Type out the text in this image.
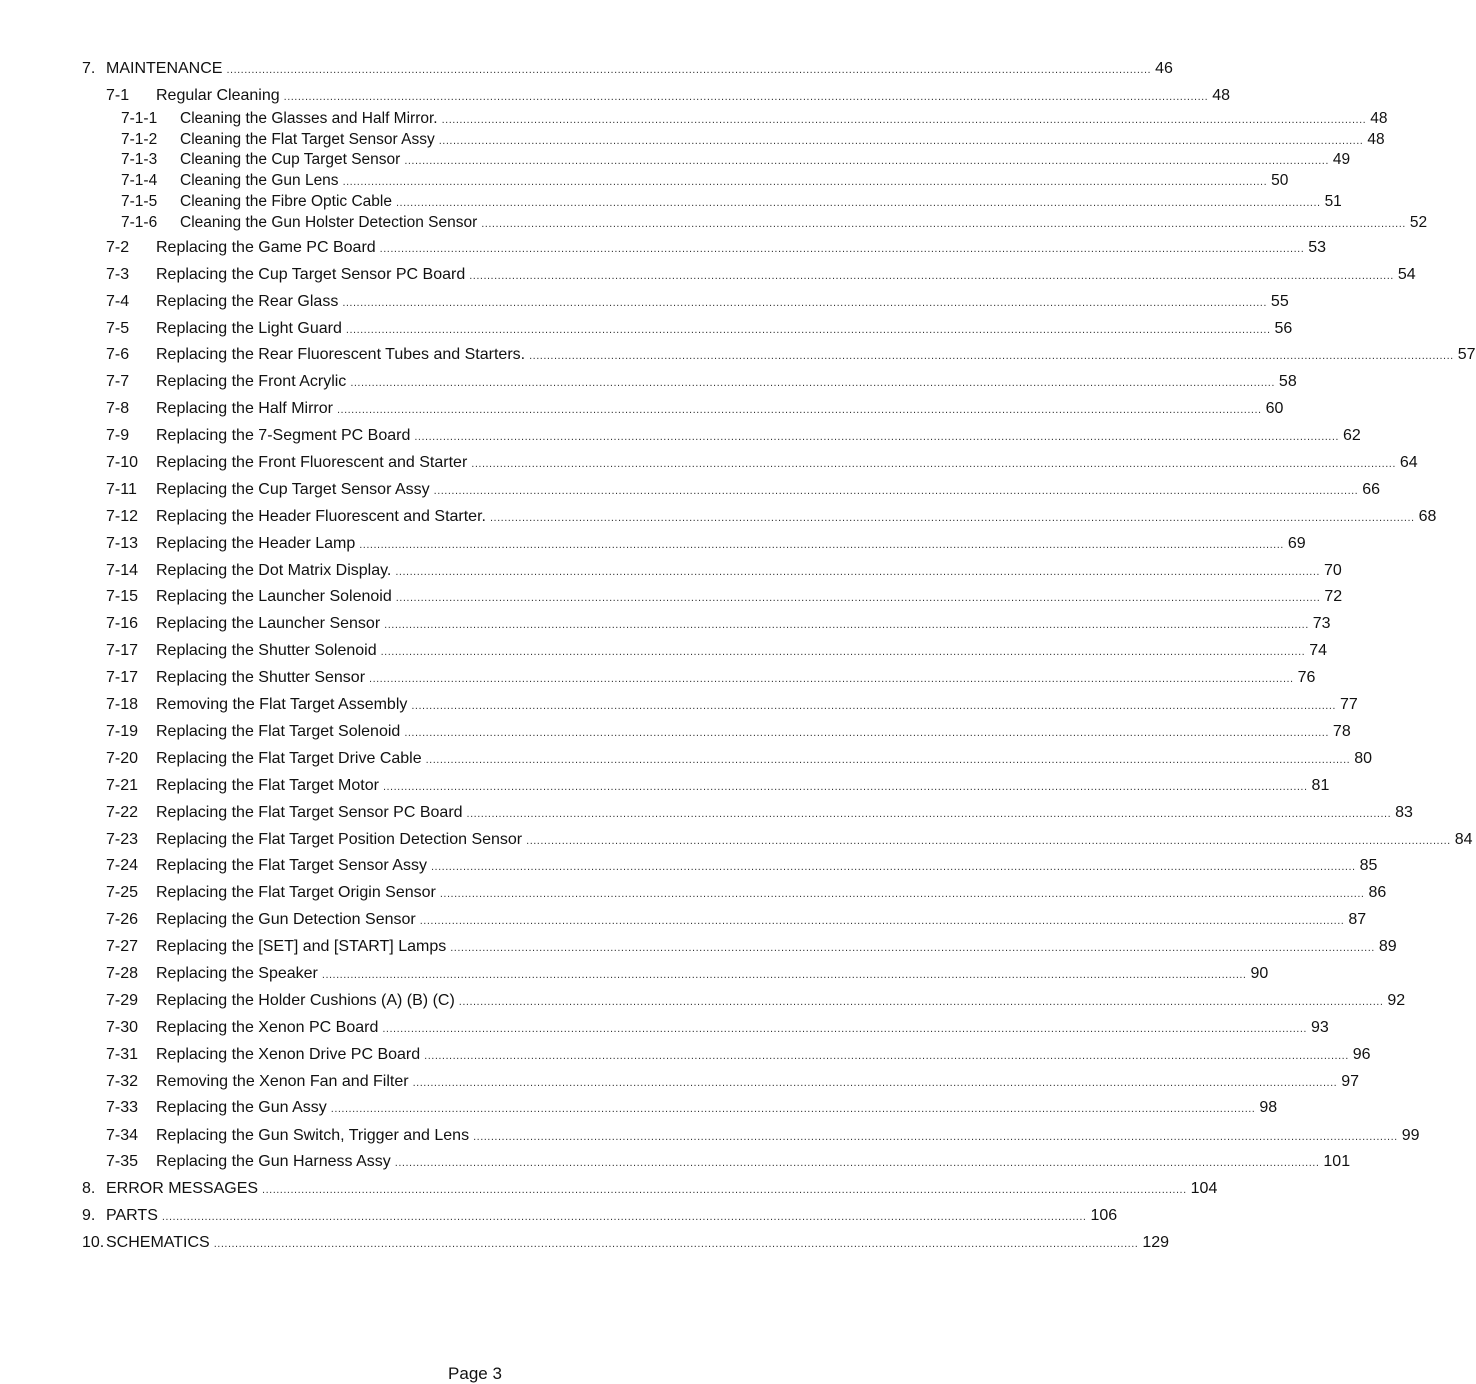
7. MAINTENANCE .................................................................................................................................................................................................................................................................... 46
7-1 Regular Cleaning .................................................................................................................................................................................................................................................................... 48
7-1-1 Cleaning the Glasses and Half Mirror. .................................................................................................................................................................................................................................................................... 48
7-1-2 Cleaning the Flat Target Sensor Assy .................................................................................................................................................................................................................................................................... 48
7-1-3 Cleaning the Cup Target Sensor .................................................................................................................................................................................................................................................................... 49
7-1-4 Cleaning the Gun Lens .................................................................................................................................................................................................................................................................... 50
7-1-5 Cleaning the Fibre Optic Cable .................................................................................................................................................................................................................................................................... 51
7-1-6 Cleaning the Gun Holster Detection Sensor .................................................................................................................................................................................................................................................................... 52
7-2 Replacing the Game PC Board .................................................................................................................................................................................................................................................................... 53
7-3 Replacing the Cup Target Sensor PC Board .................................................................................................................................................................................................................................................................... 54
7-4 Replacing the Rear Glass .................................................................................................................................................................................................................................................................... 55
7-5 Replacing the Light Guard .................................................................................................................................................................................................................................................................... 56
7-6 Replacing the Rear Fluorescent Tubes and Starters. .................................................................................................................................................................................................................................................................... 57
7-7 Replacing the Front Acrylic .................................................................................................................................................................................................................................................................... 58
7-8 Replacing the Half Mirror .................................................................................................................................................................................................................................................................... 60
7-9 Replacing the 7-Segment PC Board .................................................................................................................................................................................................................................................................... 62
7-10 Replacing the Front Fluorescent and Starter .................................................................................................................................................................................................................................................................... 64
7-11 Replacing the Cup Target Sensor Assy .................................................................................................................................................................................................................................................................... 66
7-12 Replacing the Header Fluorescent and Starter. .................................................................................................................................................................................................................................................................... 68
7-13 Replacing the Header Lamp .................................................................................................................................................................................................................................................................... 69
7-14 Replacing the Dot Matrix Display. .................................................................................................................................................................................................................................................................... 70
7-15 Replacing the Launcher Solenoid .................................................................................................................................................................................................................................................................... 72
7-16 Replacing the Launcher Sensor .................................................................................................................................................................................................................................................................... 73
7-17 Replacing the Shutter Solenoid .................................................................................................................................................................................................................................................................... 74
7-17 Replacing the Shutter Sensor .................................................................................................................................................................................................................................................................... 76
7-18 Removing the Flat Target Assembly .................................................................................................................................................................................................................................................................... 77
7-19 Replacing the Flat Target Solenoid .................................................................................................................................................................................................................................................................... 78
7-20 Replacing the Flat Target Drive Cable .................................................................................................................................................................................................................................................................... 80
7-21 Replacing the Flat Target Motor .................................................................................................................................................................................................................................................................... 81
7-22 Replacing the Flat Target Sensor PC Board .................................................................................................................................................................................................................................................................... 83
7-23 Replacing the Flat Target Position Detection Sensor .................................................................................................................................................................................................................................................................... 84
7-24 Replacing the Flat Target Sensor Assy .................................................................................................................................................................................................................................................................... 85
7-25 Replacing the Flat Target Origin Sensor .................................................................................................................................................................................................................................................................... 86
7-26 Replacing the Gun Detection Sensor .................................................................................................................................................................................................................................................................... 87
7-27 Replacing the [SET] and [START] Lamps .................................................................................................................................................................................................................................................................... 89
7-28 Replacing the Speaker .................................................................................................................................................................................................................................................................... 90
7-29 Replacing the Holder Cushions (A) (B) (C) .................................................................................................................................................................................................................................................................... 92
7-30 Replacing the Xenon PC Board .................................................................................................................................................................................................................................................................... 93
7-31 Replacing the Xenon Drive PC Board .................................................................................................................................................................................................................................................................... 96
7-32 Removing the Xenon Fan and Filter .................................................................................................................................................................................................................................................................... 97
7-33 Replacing the Gun Assy .................................................................................................................................................................................................................................................................... 98
7-34 Replacing the Gun Switch, Trigger and Lens .................................................................................................................................................................................................................................................................... 99
7-35 Replacing the Gun Harness Assy .................................................................................................................................................................................................................................................................... 101
8. ERROR MESSAGES .................................................................................................................................................................................................................................................................... 104
9. PARTS .................................................................................................................................................................................................................................................................... 106
10. SCHEMATICS .................................................................................................................................................................................................................................................................... 129
Page 3
